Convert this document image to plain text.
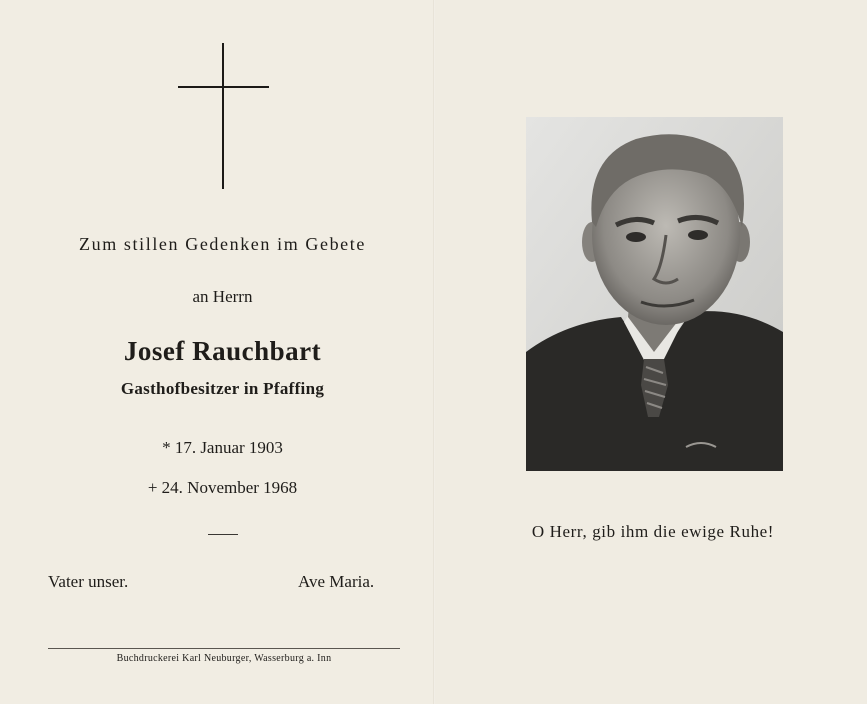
Zum stillen Gedenken im Gebete
an Herrn
Josef Rauchbart
Gasthofbesitzer in Pfaffing
* 17. Januar 1903
+ 24. November 1968
Vater unser.	Ave Maria.
Buchdruckerei Karl Neuburger, Wasserburg a. Inn
O Herr, gib ihm die ewige Ruhe!
